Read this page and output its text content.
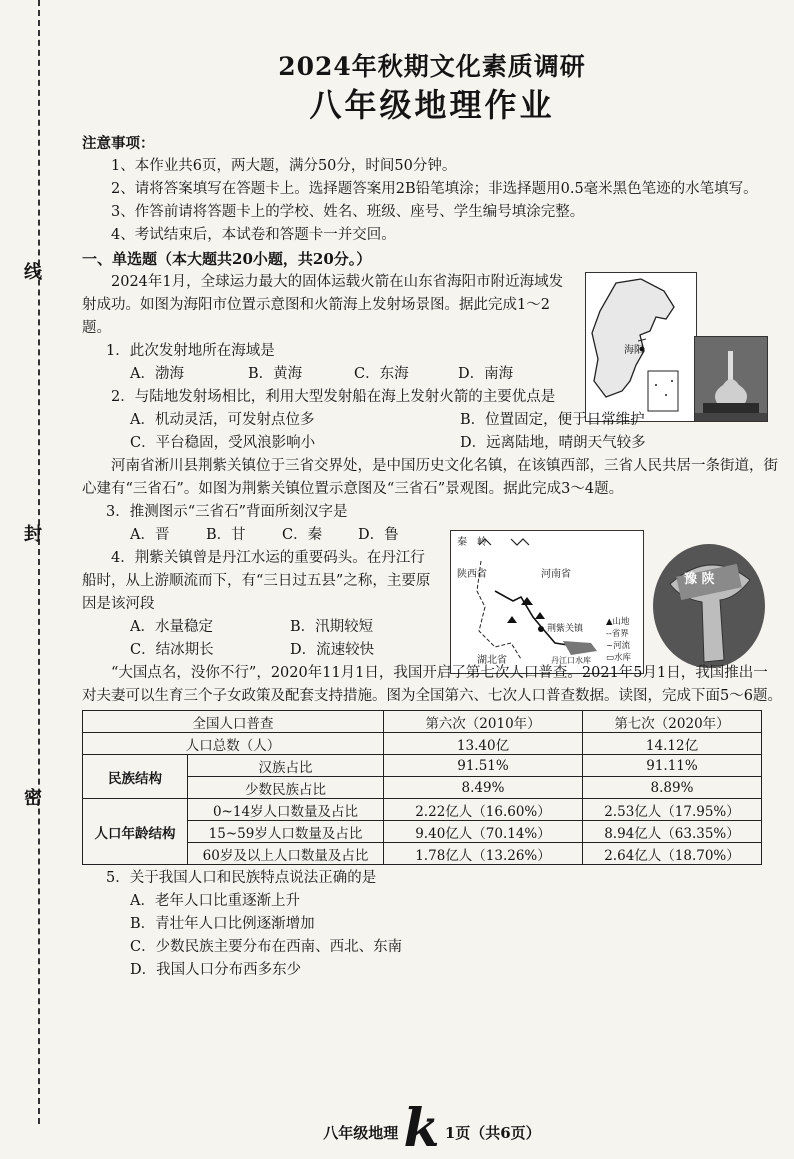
线
封
密
海阳
秦 岭
陕西省	河南省
湖北省
荆紫关镇
丹江口水库
▲山地
--省界
~河流
▭水库
豫 陕

2024年秋期文化素质调研

八年级地理作业

注意事项：

1、本作业共6页，两大题，满分50分，时间50分钟。

2、请将答案填写在答题卡上。选择题答案用2B铅笔填涂；非选择题用0.5毫米黑色笔迹的水笔填写。

3、作答前请将答题卡上的学校、姓名、班级、座号、学生编号填涂完整。

4、考试结束后，本试卷和答题卡一并交回。

一、单选题（本大题共20小题，共20分。）

2024年1月，全球运力最大的固体运载火箭在山东省海阳市附近海域发射成功。如图为海阳市位置示意图和火箭海上发射场景图。据此完成1～2题。

1．此次发射地所在海域是

A．渤海	B．黄海	C．东海	D．南海

2．与陆地发射场相比，利用大型发射船在海上发射火箭的主要优点是

A．机动灵活，可发射点位多	B．位置固定，便于日常维护
C．平台稳固，受风浪影响小	D．远离陆地，晴朗天气较多

河南省淅川县荆紫关镇位于三省交界处，是中国历史文化名镇，在该镇西部，三省人民共居一条街道，街心建有“三省石”。如图为荆紫关镇位置示意图及“三省石”景观图。据此完成3～4题。

3．推测图示“三省石”背面所刻汉字是

A．晋	B．甘	C．秦	D．鲁

4．荆紫关镇曾是丹江水运的重要码头。在丹江行船时，从上游顺流而下，有“三日过五县”之称，主要原因是该河段

A．水量稳定	B．汛期较短
C．结冰期长	D．流速较快

“大国点名，没你不行”，2020年11月1日，我国开启了第七次人口普查。2021年5月1日，我国推出一对夫妻可以生育三个子女政策及配套支持措施。图为全国第六、七次人口普查数据。读图，完成下面5～6题。

全国人口普查		第六次（2010年）	第七次（2020年）
人口总数（人）		13.40亿	14.12亿
民族结构	汉族占比	91.51%	91.11%
	少数民族占比	8.49%	8.89%
人口年龄结构	0~14岁人口数量及占比	2.22亿人（16.60%）	2.53亿人（17.95%）
	15~59岁人口数量及占比	9.40亿人（70.14%）	8.94亿人（63.35%）
	60岁及以上人口数量及占比	1.78亿人（13.26%）	2.64亿人（18.70%）

5．关于我国人口和民族特点说法正确的是

A．老年人口比重逐渐上升
B．青壮年人口比例逐渐增加
C．少数民族主要分布在西南、西北、东南
D．我国人口分布西多东少
八年级地理 k 1页（共6页）
